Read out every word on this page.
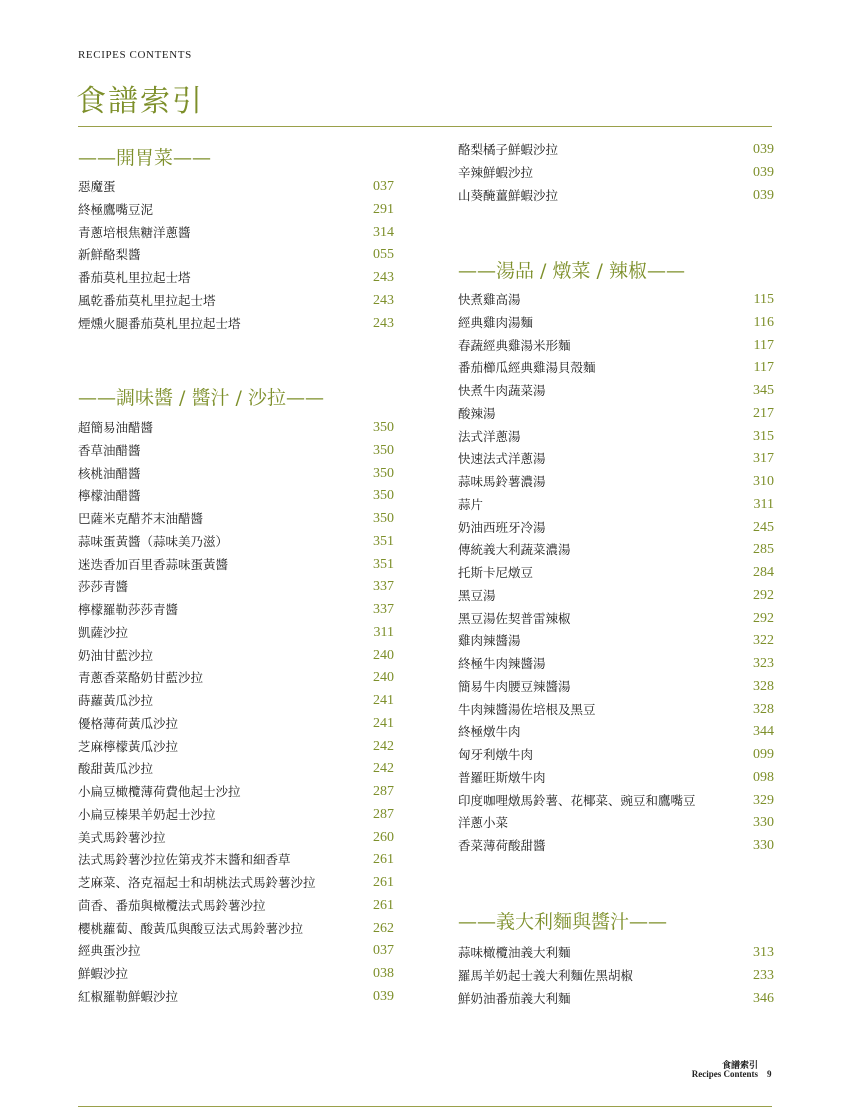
RECIPES CONTENTS
食譜索引
——開胃菜——
惡魔蛋	037
終極鷹嘴豆泥	291
青蔥培根焦糖洋蔥醬	314
新鮮酪梨醬	055
番茄莫札里拉起士塔	243
風乾番茄莫札里拉起士塔	243
煙燻火腿番茄莫札里拉起士塔	243
——調味醬 / 醬汁 / 沙拉——
超簡易油醋醬	350
香草油醋醬	350
核桃油醋醬	350
檸檬油醋醬	350
巴薩米克醋芥末油醋醬	350
蒜味蛋黃醬（蒜味美乃滋）	351
迷迭香加百里香蒜味蛋黃醬	351
莎莎青醬	337
檸檬羅勒莎莎青醬	337
凱薩沙拉	311
奶油甘藍沙拉	240
青蔥香菜酪奶甘藍沙拉	240
蒔蘿黃瓜沙拉	241
優格薄荷黃瓜沙拉	241
芝麻檸檬黃瓜沙拉	242
酸甜黃瓜沙拉	242
小扁豆橄欖薄荷費他起士沙拉	287
小扁豆榛果羊奶起士沙拉	287
美式馬鈴薯沙拉	260
法式馬鈴薯沙拉佐第戎芥末醬和細香草	261
芝麻菜、洛克福起士和胡桃法式馬鈴薯沙拉	261
茴香、番茄與橄欖法式馬鈴薯沙拉	261
櫻桃蘿蔔、酸黃瓜與酸豆法式馬鈴薯沙拉	262
經典蛋沙拉	037
鮮蝦沙拉	038
紅椒羅勒鮮蝦沙拉	039
酪梨橘子鮮蝦沙拉	039
辛辣鮮蝦沙拉	039
山葵醃薑鮮蝦沙拉	039
——湯品 / 燉菜 / 辣椒——
快煮雞高湯	115
經典雞肉湯麵	116
春蔬經典雞湯米形麵	117
番茄櫛瓜經典雞湯貝殼麵	117
快煮牛肉蔬菜湯	345
酸辣湯	217
法式洋蔥湯	315
快速法式洋蔥湯	317
蒜味馬鈴薯濃湯	310
蒜片	311
奶油西班牙冷湯	245
傳統義大利蔬菜濃湯	285
托斯卡尼燉豆	284
黑豆湯	292
黑豆湯佐契普雷辣椒	292
雞肉辣醬湯	322
終極牛肉辣醬湯	323
簡易牛肉腰豆辣醬湯	328
牛肉辣醬湯佐培根及黑豆	328
終極燉牛肉	344
匈牙利燉牛肉	099
普羅旺斯燉牛肉	098
印度咖哩燉馬鈴薯、花椰菜、豌豆和鷹嘴豆	329
洋蔥小菜	330
香菜薄荷酸甜醬	330
——義大利麵與醬汁——
蒜味橄欖油義大利麵	313
羅馬羊奶起士義大利麵佐黑胡椒	233
鮮奶油番茄義大利麵	346
食譜索引
Recipes Contents 9
